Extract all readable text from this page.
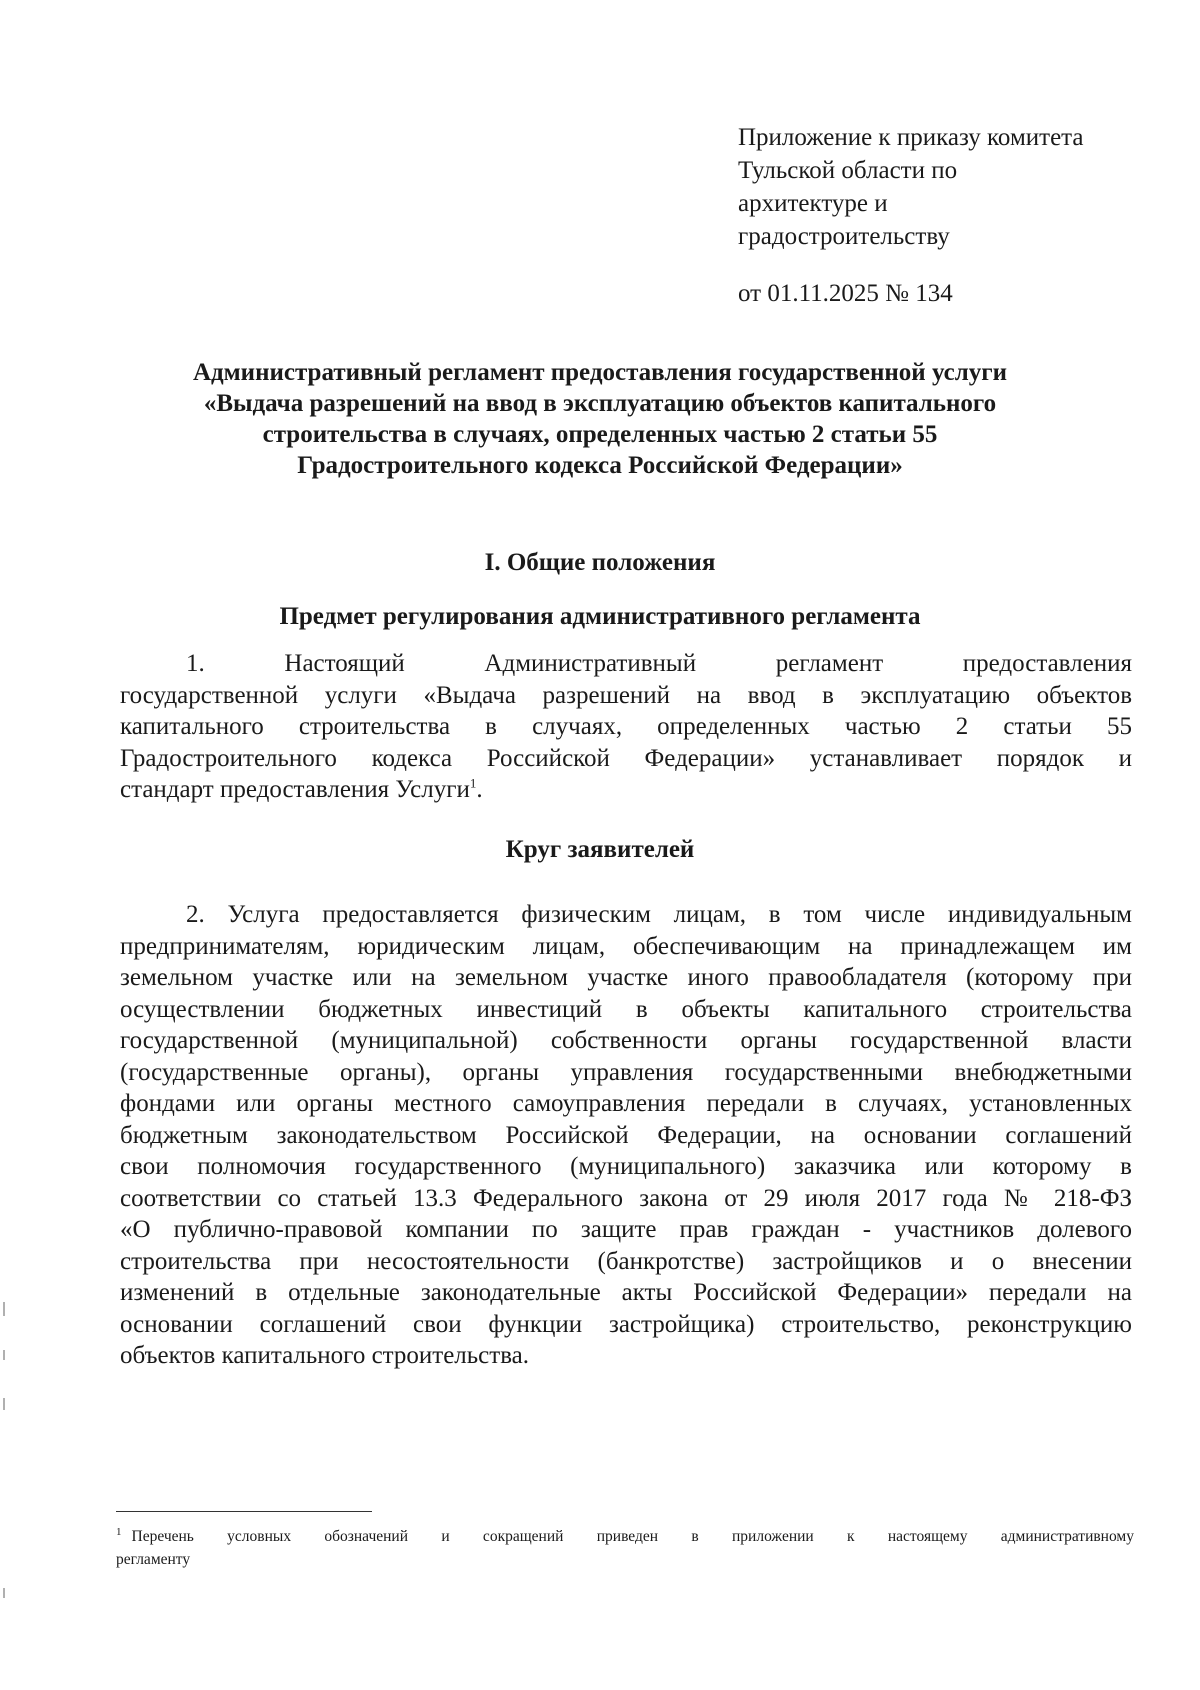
Приложение к приказу комитета
Тульской области по
архитектуре и
градостроительству
от 01.11.2025 № 134
Административный регламент предоставления государственной услуги
«Выдача разрешений на ввод в эксплуатацию объектов капитального
строительства в случаях, определенных частью 2 статьи 55
Градостроительного кодекса Российской Федерации»
I. Общие положения
Предмет регулирования административного регламента
1. Настоящий Административный регламент предоставления
государственной услуги «Выдача разрешений на ввод в эксплуатацию объектов
капитального строительства в случаях, определенных частью 2 статьи 55
Градостроительного кодекса Российской Федерации» устанавливает порядок и
стандарт предоставления Услуги$^1$.
Круг заявителей
2. Услуга предоставляется физическим лицам, в том числе индивидуальным
предпринимателям, юридическим лицам, обеспечивающим на принадлежащем им
земельном участке или на земельном участке иного правообладателя (которому при
осуществлении бюджетных инвестиций в объекты капитального строительства
государственной (муниципальной) собственности органы государственной власти
(государственные органы), органы управления государственными внебюджетными
фондами или органы местного самоуправления передали в случаях, установленных
бюджетным законодательством Российской Федерации, на основании соглашений
свои полномочия государственного (муниципального) заказчика или которому в
соответствии со статьей 13.3 Федерального закона от 29 июля 2017 года № 218-ФЗ
«О публично-правовой компании по защите прав граждан - участников долевого
строительства при несостоятельности (банкротстве) застройщиков и о внесении
изменений в отдельные законодательные акты Российской Федерации» передали на
основании соглашений свои функции застройщика) строительство, реконструкцию
объектов капитального строительства.
$^1$ Перечень условных обозначений и сокращений приведен в приложении к настоящему административному
регламенту
